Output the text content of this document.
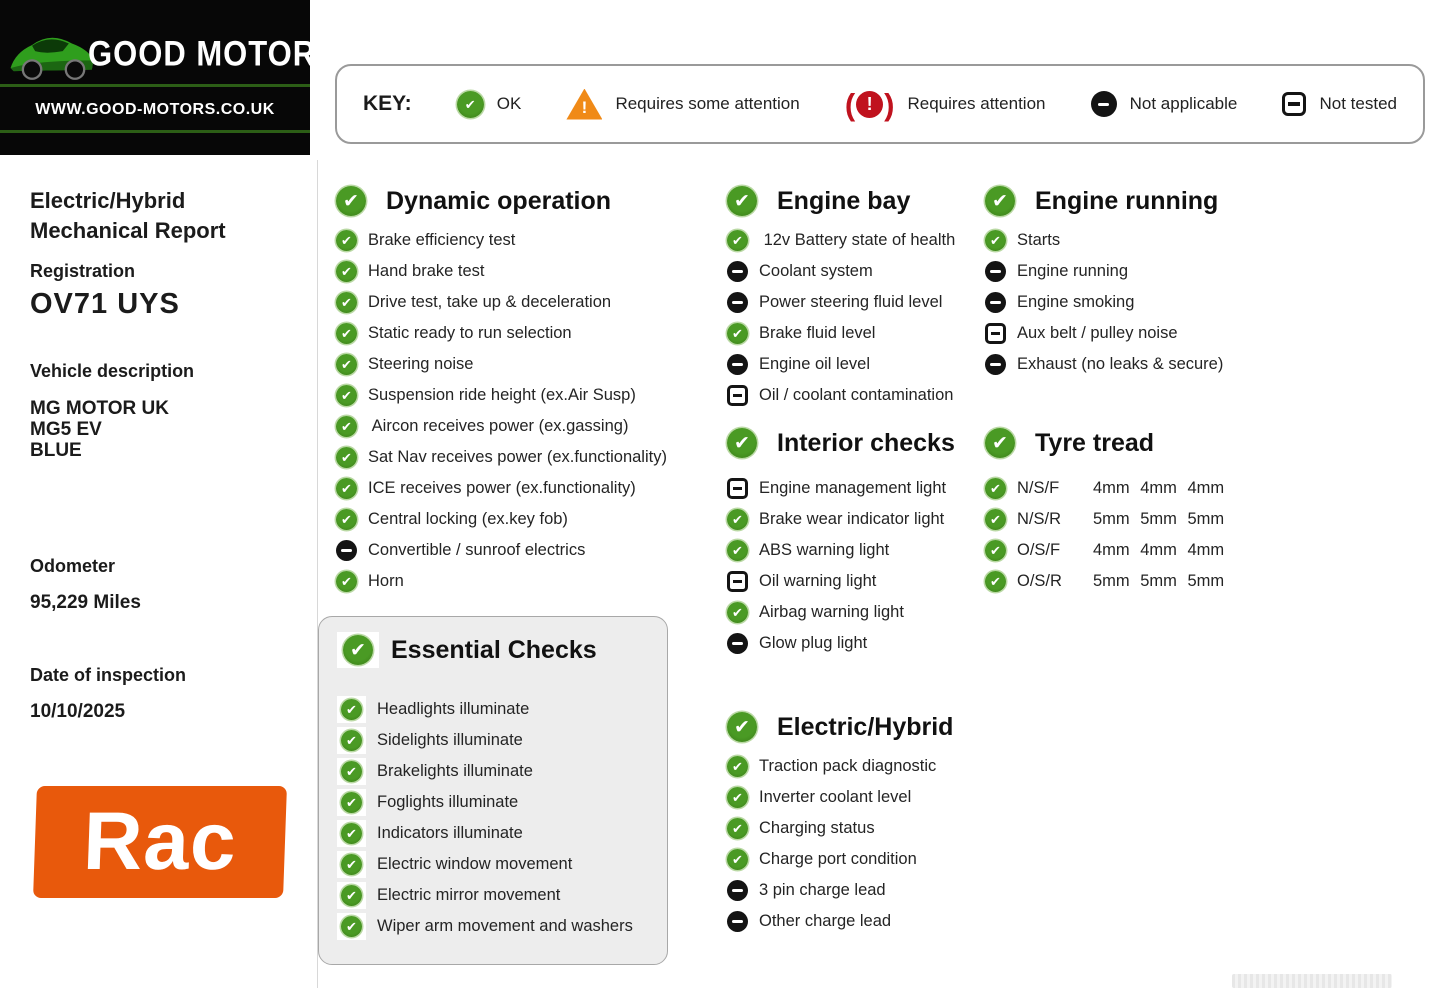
GOOD MOTORS
WWW.GOOD-MOTORS.CO.UK	KEY: ✔	OK !	Requires some attention	( !
)	Requires attention	Not applicable	Not tested
Electric/Hybrid Mechanical Report
Registration
OV71 UYS
Vehicle description
MG MOTOR UK
MG5 EV
BLUE
Odometer
95,229 Miles
Date of inspection
10/10/2025
Rac
✔
Dynamic operation
✔
Brake efficiency test
✔
Hand brake test
✔
Drive test, take up & deceleration
✔
Static ready to run selection
✔
Steering noise
✔
Suspension ride height (ex.Air Susp)
✔
Aircon receives power (ex.gassing)
✔
Sat Nav receives power (ex.functionality)
✔
ICE receives power (ex.functionality)
✔
Central locking (ex.key fob)
Convertible / sunroof electrics
✔
Horn
✔
Essential Checks
✔
Headlights illuminate
✔
Sidelights illuminate
✔
Brakelights illuminate
✔
Foglights illuminate
✔
Indicators illuminate
✔
Electric window movement
✔
Electric mirror movement
✔
Wiper arm movement and washers
✔
Engine bay
✔
12v Battery state of health
Coolant system
Power steering fluid level
✔
Brake fluid level
Engine oil level
Oil / coolant contamination
✔
Interior checks
Engine management light
✔
Brake wear indicator light
✔
ABS warning light
Oil warning light
✔
Airbag warning light
Glow plug light
✔
Electric/Hybrid
✔
Traction pack diagnostic
✔
Inverter coolant level
✔
Charging status
✔
Charge port condition
3 pin charge lead
Other charge lead
✔
Engine running
✔
Starts
Engine running
Engine smoking
Aux belt / pulley noise
Exhaust (no leaks & secure)
✔
Tyre tread
✔
N/S/F	4mm 4mm 4mm
✔
N/S/R	5mm 5mm 5mm
✔
O/S/F	4mm 4mm 4mm
✔
O/S/R	5mm 5mm 5mm
